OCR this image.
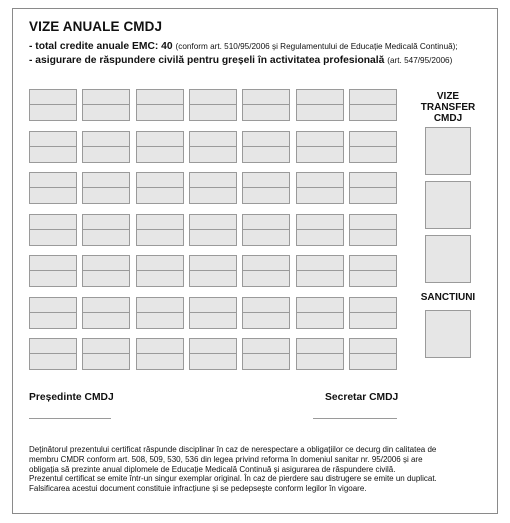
VIZE ANUALE CMDJ
- total credite anuale EMC: 40 (conform art. 510/95/2006 și Regulamentului de Educație Medicală Continuă);
- asigurare de răspundere civilă pentru greșeli în activitatea profesională (art. 547/95/2006)
VIZE
TRANSFER
CMDJ
SANCTIUNI
Președinte CMDJ	Secretar CMDJ
Deținătorul prezentului certificat răspunde disciplinar în caz de nerespectare a obligațiilor ce decurg din calitatea de
membru CMDR conform art. 508, 509, 530, 536 din legea privind reforma în domeniul sanitar nr. 95/2006 și are
obligația să prezinte anual diplomele de Educație Medicală Continuă și asigurarea de răspundere civilă.
Prezentul certificat se emite într-un singur exemplar original. În caz de pierdere sau distrugere se emite un duplicat.
Falsificarea acestui document constituie infracțiune și se pedepsește conform legilor în vigoare.
